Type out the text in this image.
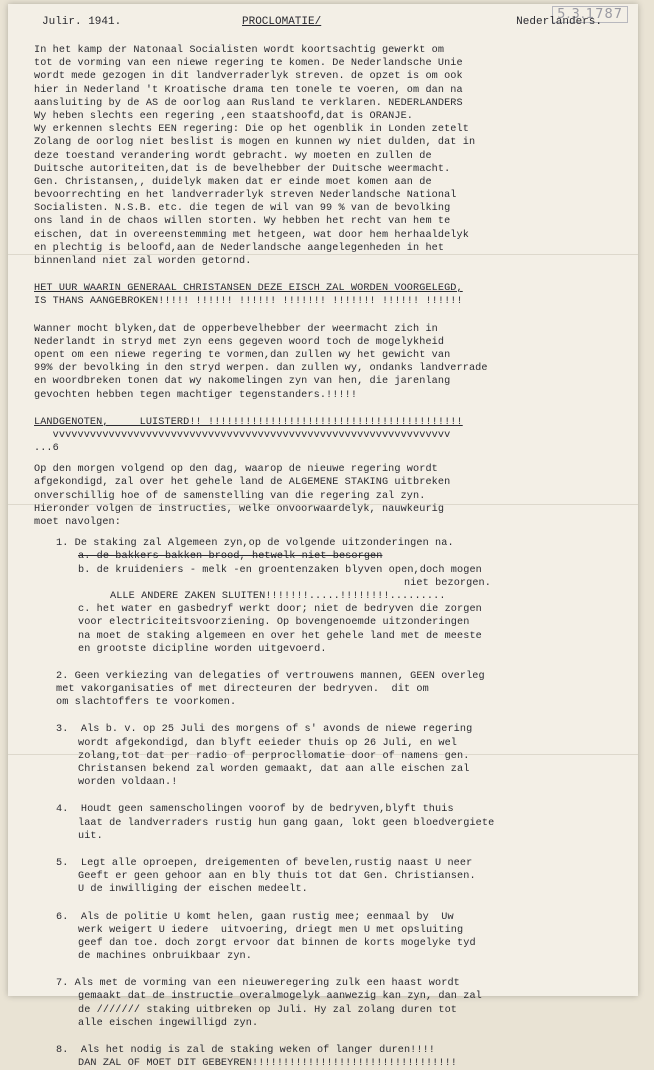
5.3.1787
Julir. 1941.	PROCLOMATIE/	Nederlanders.
In het kamp der Natonaal Socialisten wordt koortsachtig gewerkt om
tot de vorming van een niewe regering te komen. De Nederlandsche Unie
wordt mede gezogen in dit landverraderlyk streven. de opzet is om ook
hier in Nederland 't Kroatische drama ten tonele te voeren, om dan na
aansluiting by de AS de oorlog aan Rusland te verklaren. NEDERLANDERS
Wy heben slechts een regering ,een staatshoofd,dat is ORANJE.
Wy erkennen slechts EEN regering: Die op het ogenblik in Londen zetelt
Zolang de oorlog niet beslist is mogen en kunnen wy niet dulden, dat in
deze toestand verandering wordt gebracht. wy moeten en zullen de
Duitsche autoriteiten,dat is de bevelhebber der Duitsche weermacht.
Gen. Christansen,, duidelyk maken dat er einde moet komen aan de
bevoorrechting en het landverraderlyk streven Nederlandsche National
Socialisten. N.S.B. etc. die tegen de wil van 99 % van de bevolking
ons land in de chaos willen storten. Wy hebben het recht van hem te
eischen, dat in overeenstemming met hetgeen, wat door hem herhaaldelyk
en plechtig is beloofd,aan de Nederlandsche aangelegenheden in het
binnenland niet zal worden getornd.
HET UUR WAARIN GENERAAL CHRISTANSEN DEZE EISCH ZAL WORDEN VOORGELEGD,
IS THANS AANGEBROKEN!!!!! !!!!!! !!!!!! !!!!!!! !!!!!!! !!!!!! !!!!!!
Wanner mocht blyken,dat de opperbevelhebber der weermacht zich in
Nederlandt in stryd met zyn eens gegeven woord toch de mogelykheid
opent om een niewe regering te vormen,dan zullen wy het gewicht van
99% der bevolking in den stryd werpen. dan zullen wy, ondanks landverrade
en woordbreken tonen dat wy nakomelingen zyn van hen, die jarenlang
gevochten hebben tegen machtiger tegenstanders.!!!!!
LANDGENOTEN,     LUISTERD!! !!!!!!!!!!!!!!!!!!!!!!!!!!!!!!!!!!!!!!!!!
vvvvvvvvvvvvvvvvvvvvvvvvvvvvvvvvvvvvvvvvvvvvvvvvvvvvvvvvvvvvvvvv
...6
Op den morgen volgend op den dag, waarop de nieuwe regering wordt
afgekondigd, zal over het gehele land de ALGEMENE STAKING uitbreken
onverschillig hoe of de samenstelling van die regering zal zyn.
Hieronder volgen de instructies, welke onvoorwaardelyk, nauwkeurig
moet navolgen:
1. De staking zal Algemeen zyn,op de volgende uitzonderingen na.
a. de bakkers bakken brood, hetwelk niet besorgen
b. de kruideniers - melk -en groentenzaken blyven open,doch mogen
niet bezorgen.
ALLE ANDERE ZAKEN SLUITEN!!!!!!!.....!!!!!!!!.........
c. het water en gasbedryf werkt door; niet de bedryven die zorgen
voor electriciteitsvoorziening. Op bovengenoemde uitzonderingen
na moet de staking algemeen en over het gehele land met de meeste
en grootste dicipline worden uitgevoerd.
2. Geen verkiezing van delegaties of vertrouwens mannen, GEEN overleg
met vakorganisaties of met directeuren der bedryven.  dit om
om slachtoffers te voorkomen.
3.  Als b. v. op 25 Juli des morgens of s' avonds de niewe regering
wordt afgekondigd, dan blyft eeieder thuis op 26 Juli, en wel
zolang,tot dat per radio of perprocllomatie door of namens gen.
Christansen bekend zal worden gemaakt, dat aan alle eischen zal
worden voldaan.!
4.  Houdt geen samenscholingen voorof by de bedryven,blyft thuis
laat de landverraders rustig hun gang gaan, lokt geen bloedvergiete
uit.
5.  Legt alle oproepen, dreigementen of bevelen,rustig naast U neer
Geeft er geen gehoor aan en bly thuis tot dat Gen. Christiansen.
U de inwilliging der eischen medeelt.
6.  Als de politie U komt helen, gaan rustig mee; eenmaal by  Uw
werk weigert U iedere  uitvoering, driegt men U met opsluiting
geef dan toe. doch zorgt ervoor dat binnen de korts mogelyke tyd
de machines onbruikbaar zyn.
7. Als met de vorming van een nieuweregering zulk een haast wordt
gemaakt dat de instructie overalmogelyk aanwezig kan zyn, dan zal
de /////// staking uitbreken op Juli. Hy zal zolang duren tot
alle eischen ingewilligd zyn.
8.  Als het nodig is zal de staking weken of langer duren!!!!
DAN ZAL OF MOET DIT GEBEYREN!!!!!!!!!!!!!!!!!!!!!!!!!!!!!!!!!
